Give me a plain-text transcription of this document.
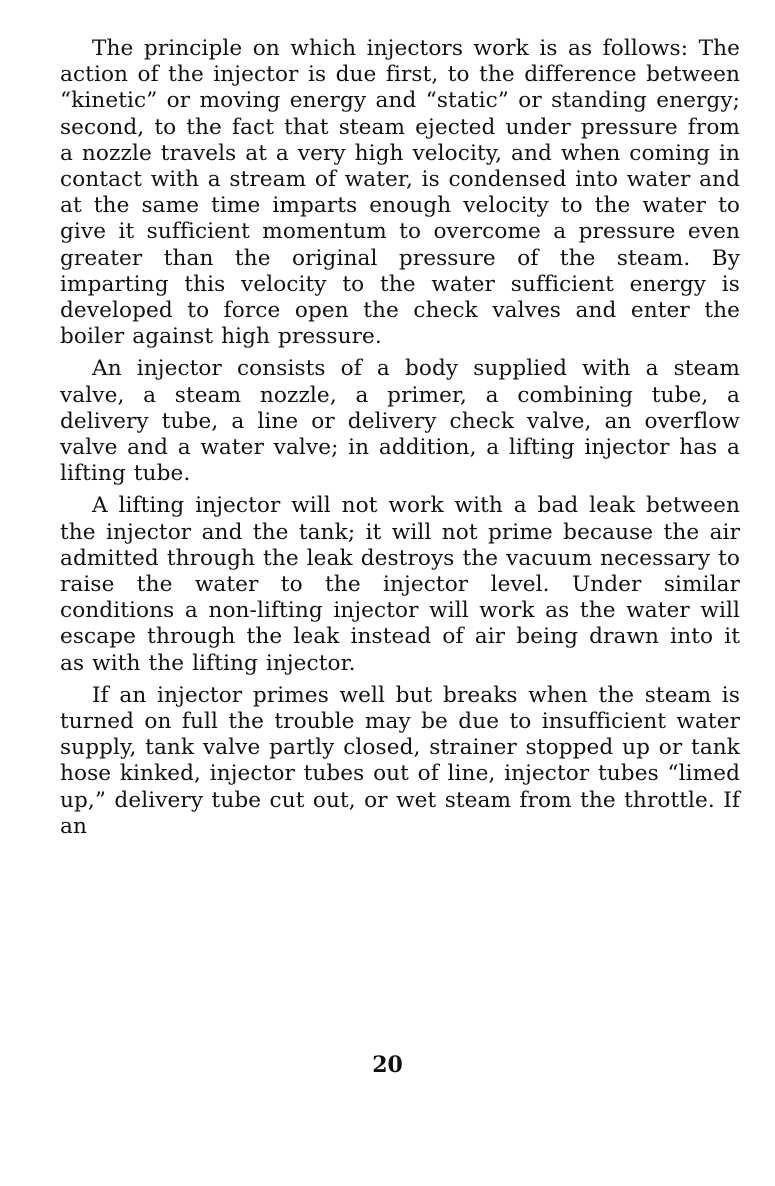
The principle on which injectors work is as follows: The action of the injector is due first, to the difference between “kinetic” or moving energy and “static” or standing energy; second, to the fact that steam ejected under pressure from a nozzle travels at a very high velocity, and when coming in contact with a stream of water, is condensed into water and at the same time imparts enough velocity to the water to give it sufficient momentum to overcome a pressure even greater than the original pressure of the steam. By imparting this velocity to the water sufficient energy is developed to force open the check valves and enter the boiler against high pressure.

An injector consists of a body supplied with a steam valve, a steam nozzle, a primer, a combining tube, a delivery tube, a line or delivery check valve, an overflow valve and a water valve; in addition, a lifting injector has a lifting tube.

A lifting injector will not work with a bad leak between the injector and the tank; it will not prime because the air admitted through the leak destroys the vacuum necessary to raise the water to the injector level. Under similar conditions a non-lifting injector will work as the water will escape through the leak instead of air being drawn into it as with the lifting injector.

If an injector primes well but breaks when the steam is turned on full the trouble may be due to insufficient water supply, tank valve partly closed, strainer stopped up or tank hose kinked, injector tubes out of line, injector tubes “limed up,” delivery tube cut out, or wet steam from the throttle. If an

20
